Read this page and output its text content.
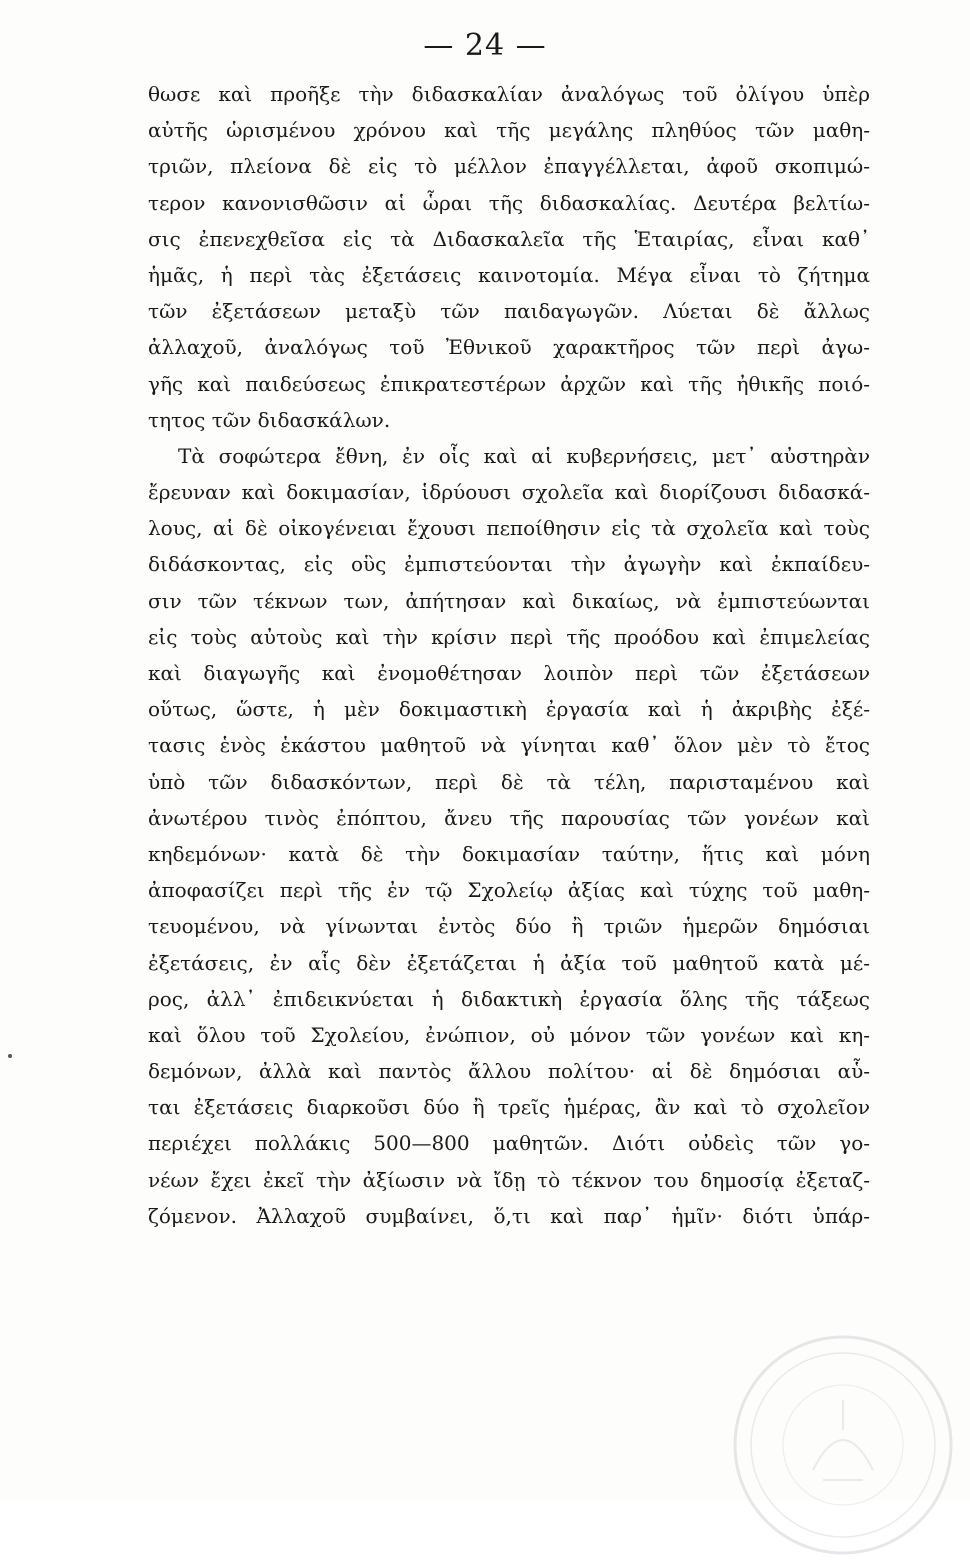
— 24 —
θωσε καὶ προῆξε τὴν διδασκαλίαν ἀναλόγως τοῦ ὀλίγου ὑπὲρ
αὐτῆς ὡρισμένου χρόνου καὶ τῆς μεγάλης πληθύος τῶν μαθη-
τριῶν, πλείονα δὲ εἰς τὸ μέλλον ἐπαγγέλλεται, ἀφοῦ σκοπιμώ-
τερον κανονισθῶσιν αἱ ὧραι τῆς διδασκαλίας. Δευτέρα βελτίω-
σις ἐπενεχθεῖσα εἰς τὰ Διδασκαλεῖα τῆς Ἑταιρίας, εἶναι καθ᾽
ἡμᾶς, ἡ περὶ τὰς ἐξετάσεις καινοτομία. Μέγα εἶναι τὸ ζήτημα
τῶν ἐξετάσεων μεταξὺ τῶν παιδαγωγῶν. Λύεται δὲ ἄλλως
ἀλλαχοῦ, ἀναλόγως τοῦ Ἐθνικοῦ χαρακτῆρος τῶν περὶ ἀγω-
γῆς καὶ παιδεύσεως ἐπικρατεστέρων ἀρχῶν καὶ τῆς ἠθικῆς ποιό-
τητος τῶν διδασκάλων.
Τὰ σοφώτερα ἔθνη, ἐν οἷς καὶ αἱ κυβερνήσεις, μετ᾽ αὐστηρὰν
ἔρευναν καὶ δοκιμασίαν, ἱδρύουσι σχολεῖα καὶ διορίζουσι διδασκά-
λους, αἱ δὲ οἰκογένειαι ἔχουσι πεποίθησιν εἰς τὰ σχολεῖα καὶ τοὺς
διδάσκοντας, εἰς οὓς ἐμπιστεύονται τὴν ἀγωγὴν καὶ ἐκπαίδευ-
σιν τῶν τέκνων των, ἀπήτησαν καὶ δικαίως, νὰ ἐμπιστεύωνται
εἰς τοὺς αὐτοὺς καὶ τὴν κρίσιν περὶ τῆς προόδου καὶ ἐπιμελείας
καὶ διαγωγῆς καὶ ἐνομοθέτησαν λοιπὸν περὶ τῶν ἐξετάσεων
οὕτως, ὥστε, ἡ μὲν δοκιμαστικὴ ἐργασία καὶ ἡ ἀκριβὴς ἐξέ-
τασις ἑνὸς ἑκάστου μαθητοῦ νὰ γίνηται καθ᾽ ὅλον μὲν τὸ ἔτος
ὑπὸ τῶν διδασκόντων, περὶ δὲ τὰ τέλη, παρισταμένου καὶ
ἀνωτέρου τινὸς ἐπόπτου, ἄνευ τῆς παρουσίας τῶν γονέων καὶ
κηδεμόνων· κατὰ δὲ τὴν δοκιμασίαν ταύτην, ἥτις καὶ μόνη
ἀποφασίζει περὶ τῆς ἐν τῷ Σχολείῳ ἀξίας καὶ τύχης τοῦ μαθη-
τευομένου, νὰ γίνωνται ἐντὸς δύο ἢ τριῶν ἡμερῶν δημόσιαι
ἐξετάσεις, ἐν αἷς δὲν ἐξετάζεται ἡ ἀξία τοῦ μαθητοῦ κατὰ μέ-
ρος, ἀλλ᾽ ἐπιδεικνύεται ἡ διδακτικὴ ἐργασία ὅλης τῆς τάξεως
καὶ ὅλου τοῦ Σχολείου, ἐνώπιον, οὐ μόνον τῶν γονέων καὶ κη-
δεμόνων, ἀλλὰ καὶ παντὸς ἄλλου πολίτου· αἱ δὲ δημόσιαι αὗ-
ται ἐξετάσεις διαρκοῦσι δύο ἢ τρεῖς ἡμέρας, ἂν καὶ τὸ σχολεῖον
περιέχει πολλάκις 500—800 μαθητῶν. Διότι οὐδεὶς τῶν γο-
νέων ἔχει ἐκεῖ τὴν ἀξίωσιν νὰ ἴδῃ τὸ τέκνον του δημοσίᾳ ἐξεταζ-
ζόμενον. Ἀλλαχοῦ συμβαίνει, ὅ,τι καὶ παρ᾽ ἡμῖν· διότι ὑπάρ-
